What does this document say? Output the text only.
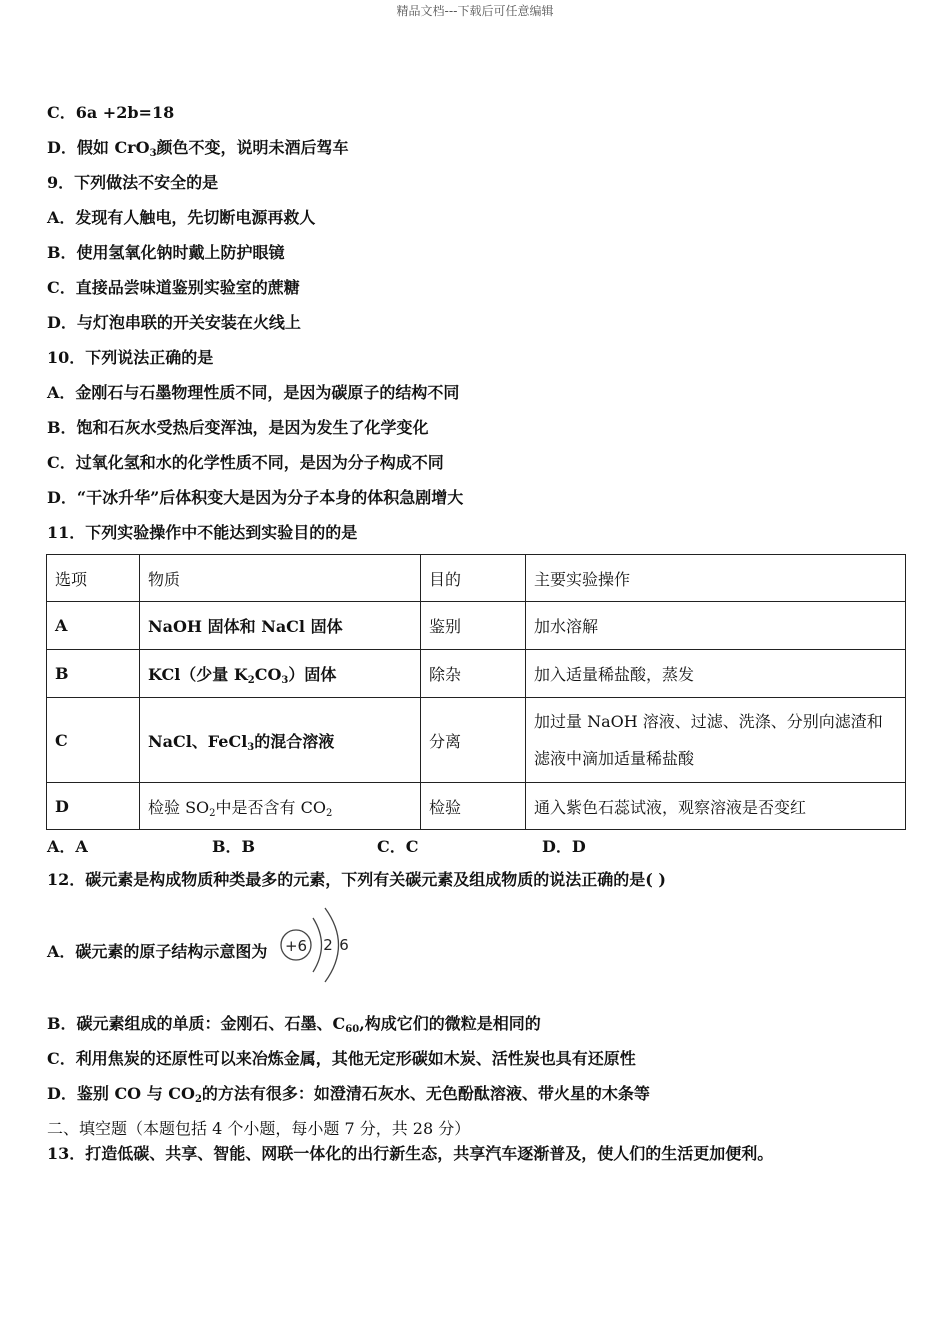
精品文档---下载后可任意编辑
C．6a +2b=18
D．假如 CrO$_3$颜色不变，说明未酒后驾车
9．下列做法不安全的是
A．发现有人触电，先切断电源再救人
B．使用氢氧化钠时戴上防护眼镜
C．直接品尝味道鉴别实验室的蔗糖
D．与灯泡串联的开关安装在火线上
10．下列说法正确的是
A．金刚石与石墨物理性质不同，是因为碳原子的结构不同
B．饱和石灰水受热后变浑浊，是因为发生了化学变化
C．过氧化氢和水的化学性质不同，是因为分子构成不同
D．“干冰升华”后体积变大是因为分子本身的体积急剧增大
11．下列实验操作中不能达到实验目的的是
选项	物质	目的	主要实验操作
A	NaOH 固体和 NaCl 固体	鉴别	加水溶解
B	KCl（少量 $K_2CO_3$）固体	除杂	加入适量稀盐酸，蒸发
C	NaCl、FeCl$_3$的混合溶液	分离	加过量 NaOH 溶液、过滤、洗涤、分别向滤渣和
滤液中滴加适量稀盐酸

D	检验 $SO_2$中是否含有 $CO_2$	检验	通入紫色石蕊试液，观察溶液是否变红
A．A	B．B	C．C	D．D
12．碳元素是构成物质种类最多的元素，下列有关碳元素及组成物质的说法正确的是( )
A．碳元素的原子结构示意图为 +6 2 6
B．碳元素组成的单质：金刚石、石墨、$C_{60}$,构成它们的微粒是相同的
C．利用焦炭的还原性可以来冶炼金属，其他无定形碳如木炭、活性炭也具有还原性
D．鉴别 CO 与 $CO_2$的方法有很多：如澄清石灰水、无色酚酞溶液、带火星的木条等
二、填空题（本题包括 4 个小题，每小题 7 分，共 28 分）
13．打造低碳、共享、智能、网联一体化的出行新生态，共享汽车逐渐普及，使人们的生活更加便利。
